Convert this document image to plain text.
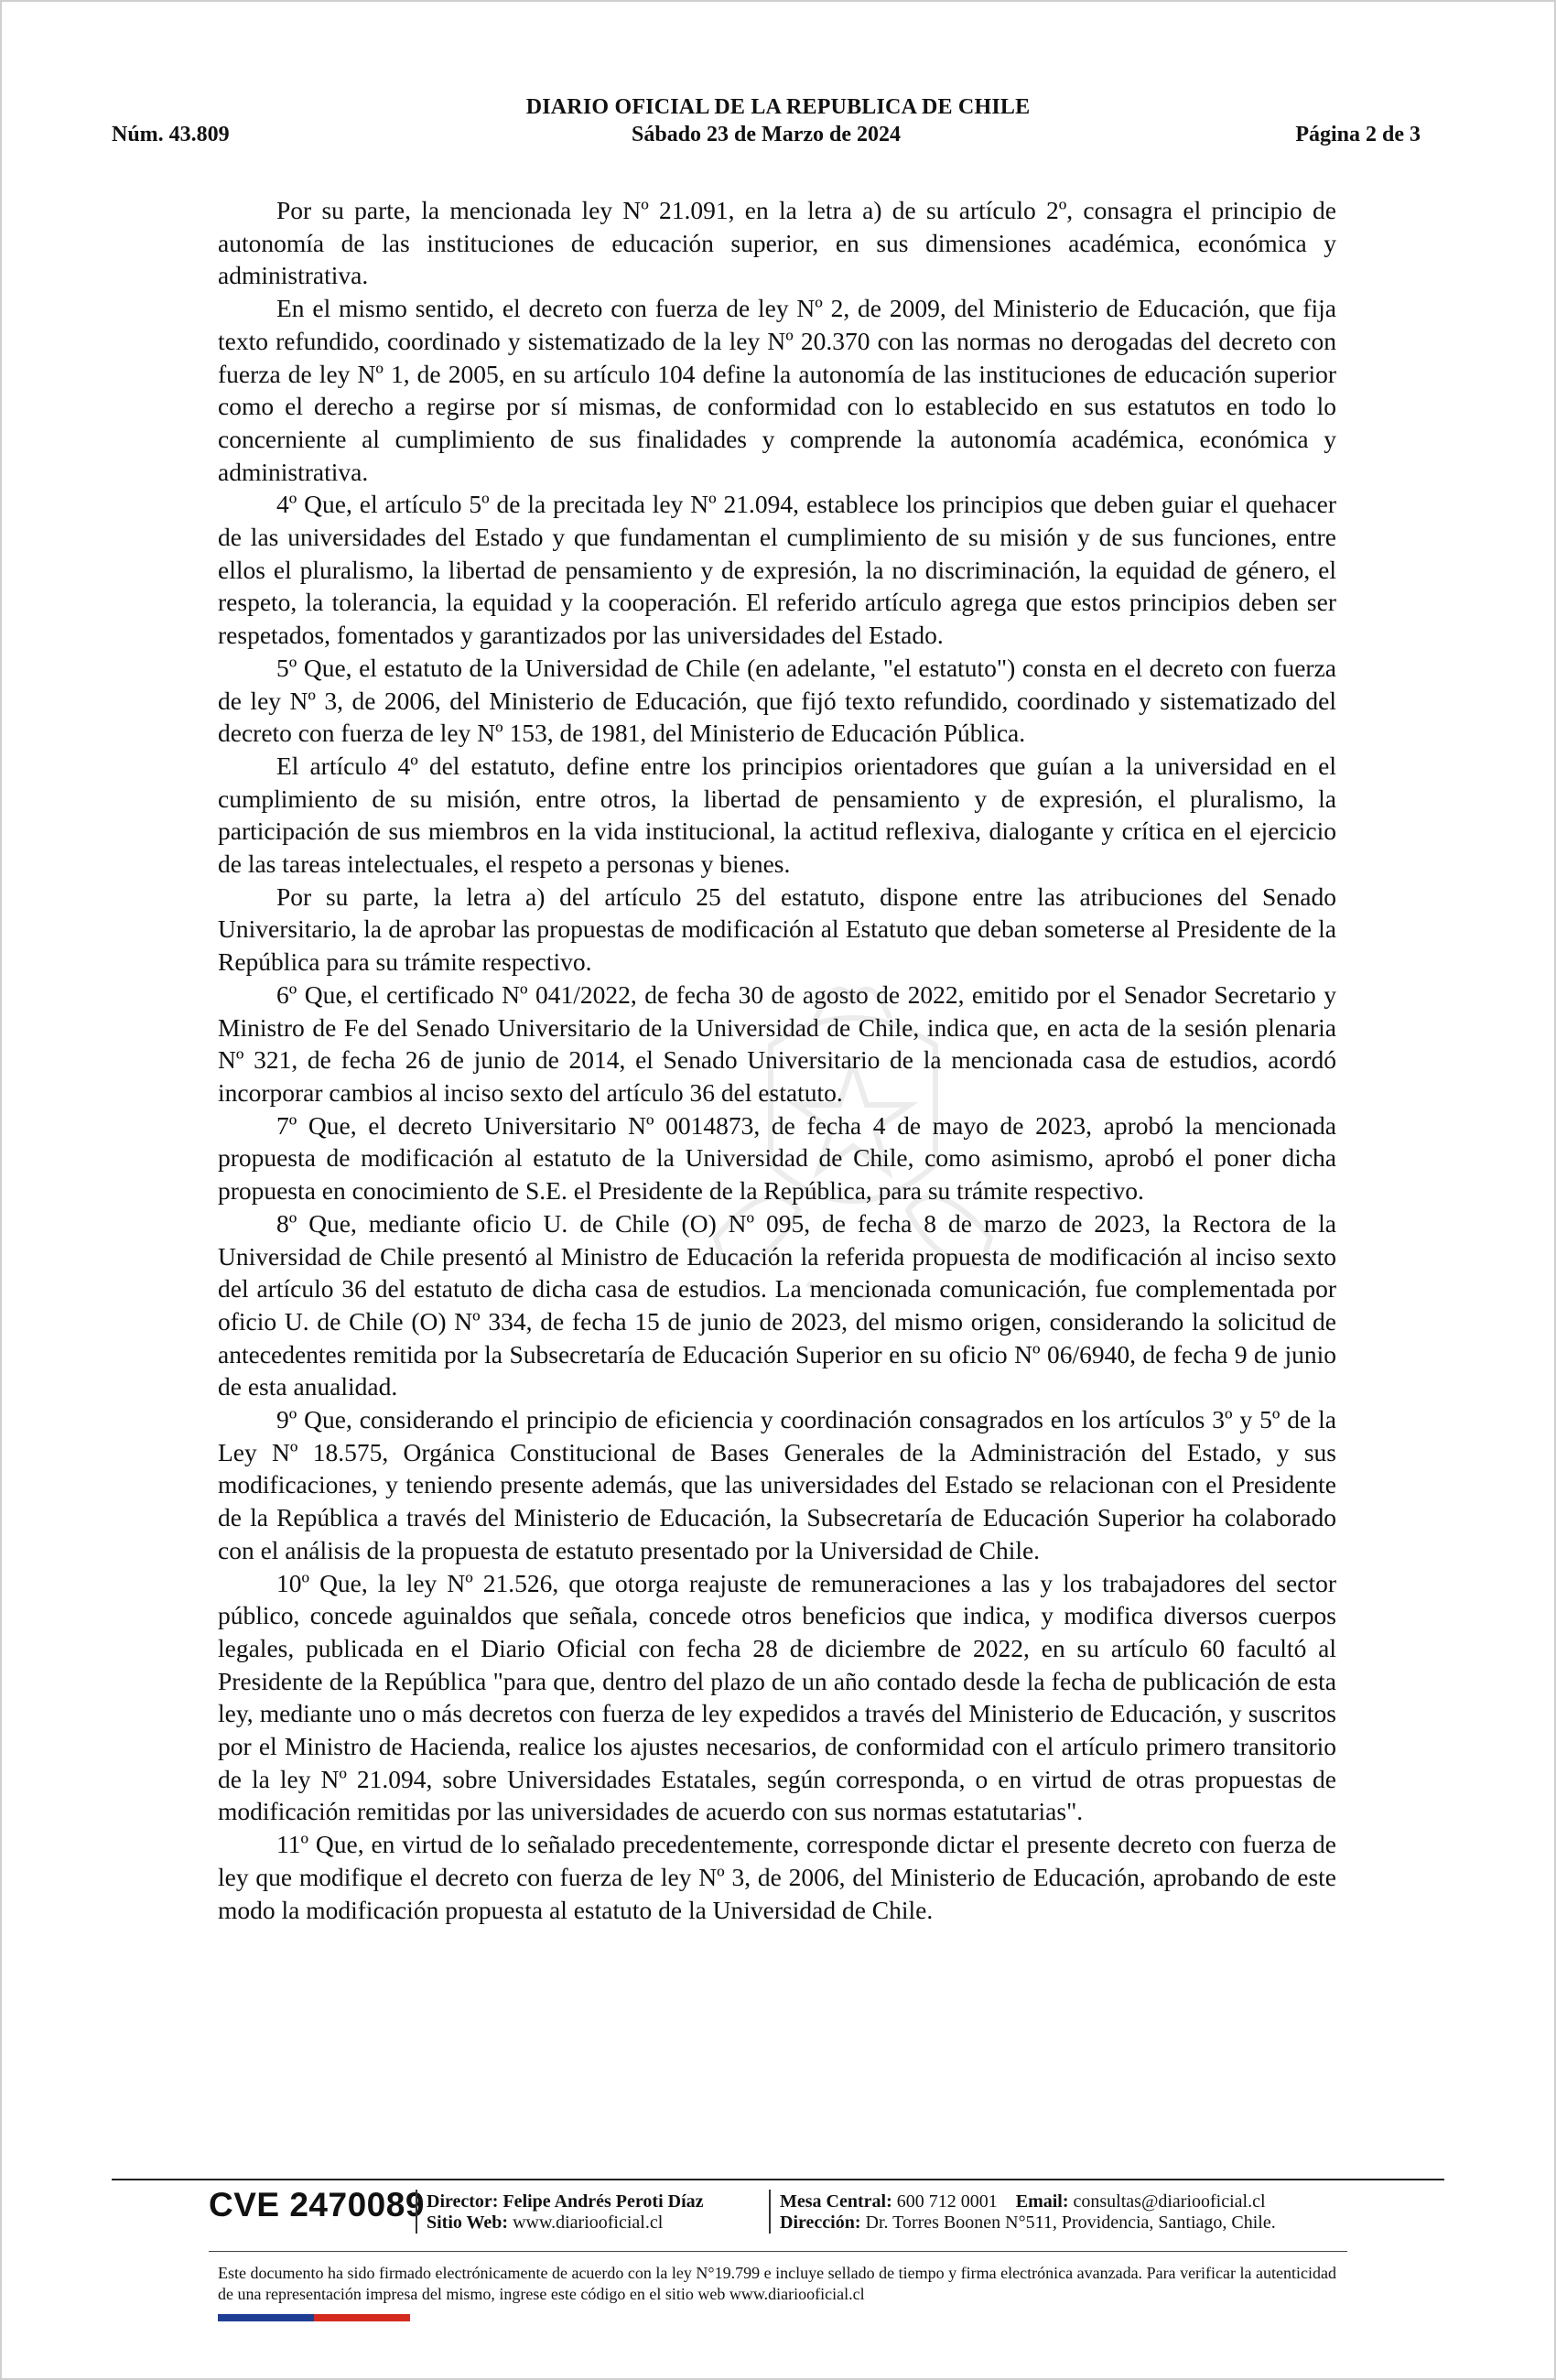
DIARIO OFICIAL DE LA REPUBLICA DE CHILE
Núm. 43.809	Sábado 23 de Marzo de 2024	Página 2 de 3

Por su parte, la mencionada ley Nº 21.091, en la letra a) de su artículo 2º, consagra el principio de autonomía de las instituciones de educación superior, en sus dimensiones académica, económica y administrativa.

En el mismo sentido, el decreto con fuerza de ley Nº 2, de 2009, del Ministerio de Educación, que fija texto refundido, coordinado y sistematizado de la ley Nº 20.370 con las normas no derogadas del decreto con fuerza de ley Nº 1, de 2005, en su artículo 104 define la autonomía de las instituciones de educación superior como el derecho a regirse por sí mismas, de conformidad con lo establecido en sus estatutos en todo lo concerniente al cumplimiento de sus finalidades y comprende la autonomía académica, económica y administrativa.

4º Que, el artículo 5º de la precitada ley Nº 21.094, establece los principios que deben guiar el quehacer de las universidades del Estado y que fundamentan el cumplimiento de su misión y de sus funciones, entre ellos el pluralismo, la libertad de pensamiento y de expresión, la no discriminación, la equidad de género, el respeto, la tolerancia, la equidad y la cooperación. El referido artículo agrega que estos principios deben ser respetados, fomentados y garantizados por las universidades del Estado.

5º Que, el estatuto de la Universidad de Chile (en adelante, "el estatuto") consta en el decreto con fuerza de ley Nº 3, de 2006, del Ministerio de Educación, que fijó texto refundido, coordinado y sistematizado del decreto con fuerza de ley Nº 153, de 1981, del Ministerio de Educación Pública.

El artículo 4º del estatuto, define entre los principios orientadores que guían a la universidad en el cumplimiento de su misión, entre otros, la libertad de pensamiento y de expresión, el pluralismo, la participación de sus miembros en la vida institucional, la actitud reflexiva, dialogante y crítica en el ejercicio de las tareas intelectuales, el respeto a personas y bienes.

Por su parte, la letra a) del artículo 25 del estatuto, dispone entre las atribuciones del Senado Universitario, la de aprobar las propuestas de modificación al Estatuto que deban someterse al Presidente de la República para su trámite respectivo.

6º Que, el certificado Nº 041/2022, de fecha 30 de agosto de 2022, emitido por el Senador Secretario y Ministro de Fe del Senado Universitario de la Universidad de Chile, indica que, en acta de la sesión plenaria Nº 321, de fecha 26 de junio de 2014, el Senado Universitario de la mencionada casa de estudios, acordó incorporar cambios al inciso sexto del artículo 36 del estatuto.

7º Que, el decreto Universitario Nº 0014873, de fecha 4 de mayo de 2023, aprobó la mencionada propuesta de modificación al estatuto de la Universidad de Chile, como asimismo, aprobó el poner dicha propuesta en conocimiento de S.E. el Presidente de la República, para su trámite respectivo.

8º Que, mediante oficio U. de Chile (O) Nº 095, de fecha 8 de marzo de 2023, la Rectora de la Universidad de Chile presentó al Ministro de Educación la referida propuesta de modificación al inciso sexto del artículo 36 del estatuto de dicha casa de estudios. La mencionada comunicación, fue complementada por oficio U. de Chile (O) Nº 334, de fecha 15 de junio de 2023, del mismo origen, considerando la solicitud de antecedentes remitida por la Subsecretaría de Educación Superior en su oficio Nº 06/6940, de fecha 9 de junio de esta anualidad.

9º Que, considerando el principio de eficiencia y coordinación consagrados en los artículos 3º y 5º de la Ley Nº 18.575, Orgánica Constitucional de Bases Generales de la Administración del Estado, y sus modificaciones, y teniendo presente además, que las universidades del Estado se relacionan con el Presidente de la República a través del Ministerio de Educación, la Subsecretaría de Educación Superior ha colaborado con el análisis de la propuesta de estatuto presentado por la Universidad de Chile.

10º Que, la ley Nº 21.526, que otorga reajuste de remuneraciones a las y los trabajadores del sector público, concede aguinaldos que señala, concede otros beneficios que indica, y modifica diversos cuerpos legales, publicada en el Diario Oficial con fecha 28 de diciembre de 2022, en su artículo 60 facultó al Presidente de la República "para que, dentro del plazo de un año contado desde la fecha de publicación de esta ley, mediante uno o más decretos con fuerza de ley expedidos a través del Ministerio de Educación, y suscritos por el Ministro de Hacienda, realice los ajustes necesarios, de conformidad con el artículo primero transitorio de la ley Nº 21.094, sobre Universidades Estatales, según corresponda, o en virtud de otras propuestas de modificación remitidas por las universidades de acuerdo con sus normas estatutarias".

11º Que, en virtud de lo señalado precedentemente, corresponde dictar el presente decreto con fuerza de ley que modifique el decreto con fuerza de ley Nº 3, de 2006, del Ministerio de Educación, aprobando de este modo la modificación propuesta al estatuto de la Universidad de Chile.

CVE 2470089 Director: Felipe Andrés Peroti Díaz
Sitio Web: www.diariooficial.cl
Mesa Central: 600 712 0001 Email: consultas@diariooficial.cl
Dirección: Dr. Torres Boonen N°511, Providencia, Santiago, Chile.
Este documento ha sido firmado electrónicamente de acuerdo con la ley N°19.799 e incluye sellado de tiempo y firma electrónica avanzada. Para verificar la autenticidad de una representación impresa del mismo, ingrese este código en el sitio web www.diariooficial.cl
